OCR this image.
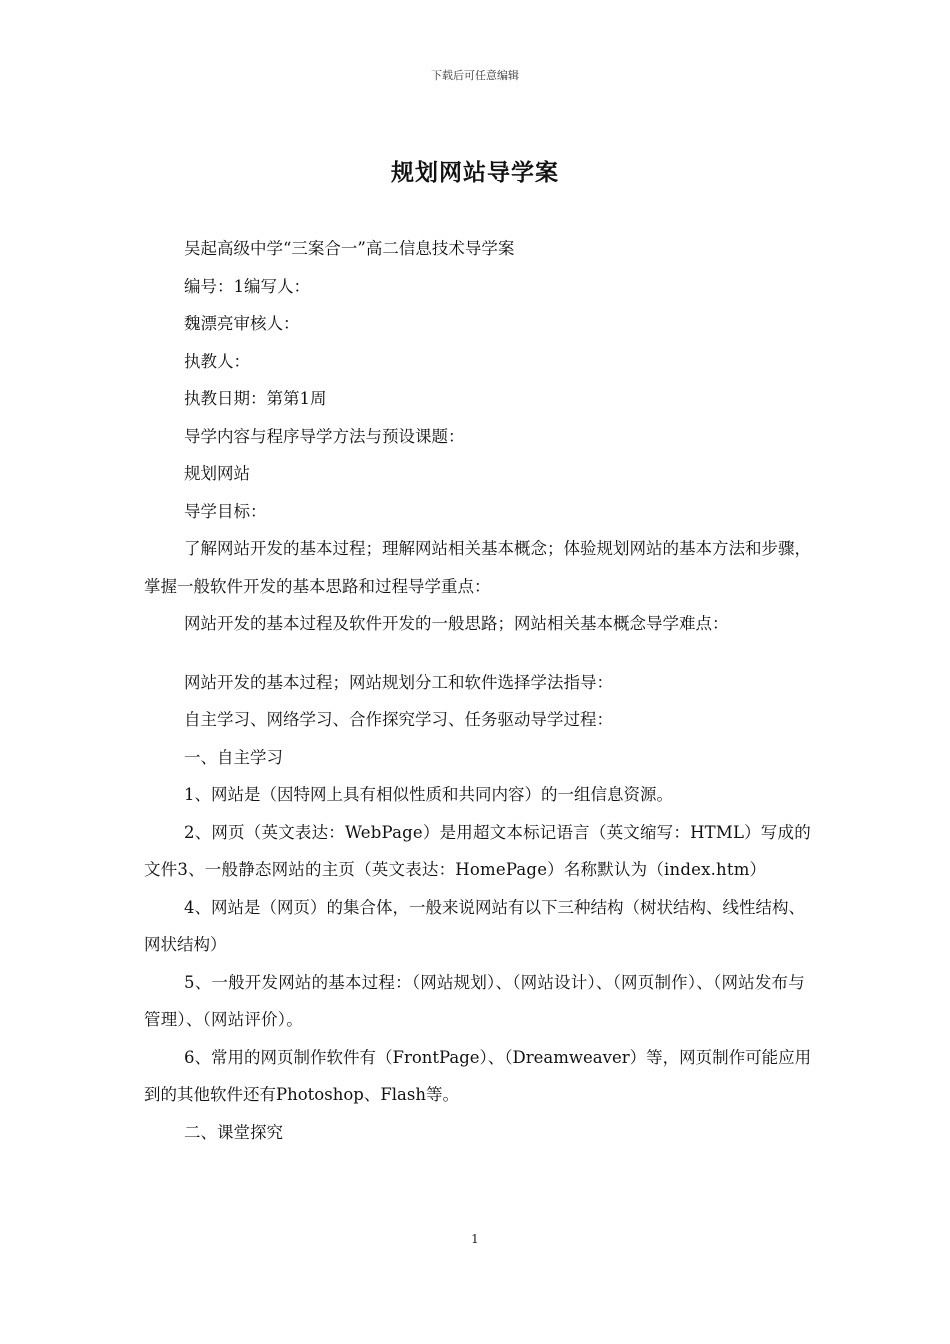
下载后可任意编辑
规划网站导学案

吴起高级中学“三案合一”高二信息技术导学案

编号：1编写人：

魏漂亮审核人：

执教人：

执教日期：第第1周

导学内容与程序导学方法与预设课题：

规划网站

导学目标：

了解网站开发的基本过程；理解网站相关基本概念；体验规划网站的基本方法和步骤，掌握一般软件开发的基本思路和过程导学重点：

网站开发的基本过程及软件开发的一般思路；网站相关基本概念导学难点：

网站开发的基本过程；网站规划分工和软件选择学法指导：

自主学习、网络学习、合作探究学习、任务驱动导学过程：

一、自主学习

1、网站是（因特网上具有相似性质和共同内容）的一组信息资源。

2、网页（英文表达：WebPage）是用超文本标记语言（英文缩写：HTML）写成的文件3、一般静态网站的主页（英文表达：HomePage）名称默认为（index.htm）

4、网站是（网页）的集合体，一般来说网站有以下三种结构（树状结构、线性结构、网状结构）

5、一般开发网站的基本过程：（网站规划）、（网站设计）、（网页制作）、（网站发布与管理）、（网站评价）。

6、常用的网页制作软件有（FrontPage）、（Dreamweaver）等，网页制作可能应用到的其他软件还有Photoshop、Flash等。

二、课堂探究

1
